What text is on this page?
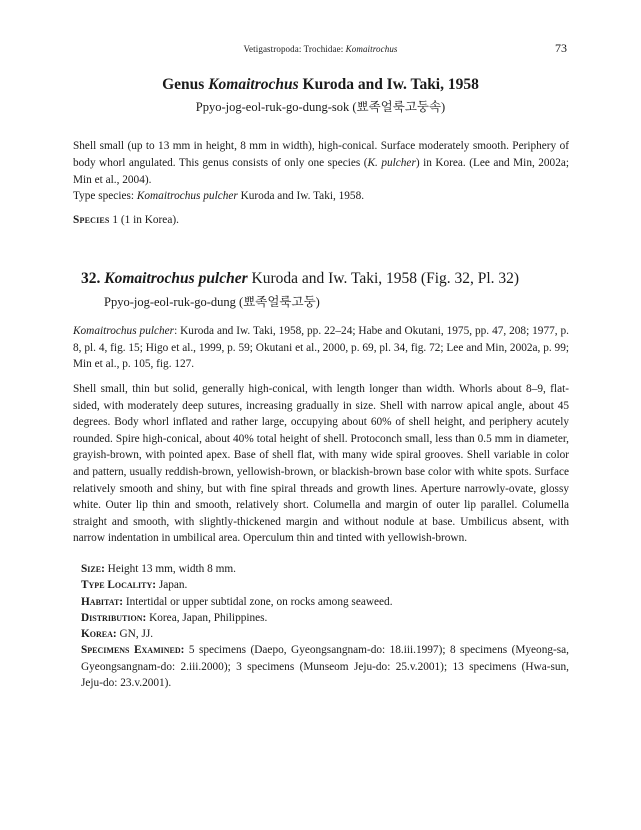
Vetigastropoda: Trochidae: Komaitrochus	73
Genus Komaitrochus Kuroda and Iw. Taki, 1958
Ppyo-jog-eol-ruk-go-dung-sok (뾰족얼룩고둥속)
Shell small (up to 13 mm in height, 8 mm in width), high-conical. Surface moderately smooth. Periphery of body whorl angulated. This genus consists of only one species (K. pulcher) in Korea. (Lee and Min, 2002a; Min et al., 2004).
Type species: Komaitrochus pulcher Kuroda and Iw. Taki, 1958.
Species 1 (1 in Korea).
32. Komaitrochus pulcher Kuroda and Iw. Taki, 1958 (Fig. 32, Pl. 32)
Ppyo-jog-eol-ruk-go-dung (뾰족얼룩고둥)
Komaitrochus pulcher: Kuroda and Iw. Taki, 1958, pp. 22–24; Habe and Okutani, 1975, pp. 47, 208; 1977, p. 8, pl. 4, fig. 15; Higo et al., 1999, p. 59; Okutani et al., 2000, p. 69, pl. 34, fig. 72; Lee and Min, 2002a, p. 99; Min et al., p. 105, fig. 127.
Shell small, thin but solid, generally high-conical, with length longer than width. Whorls about 8–9, flat-sided, with moderately deep sutures, increasing gradually in size. Shell with narrow apical angle, about 45 degrees. Body whorl inflated and rather large, occupying about 60% of shell height, and periphery acutely rounded. Spire high-conical, about 40% total height of shell. Protoconch small, less than 0.5 mm in diameter, grayish-brown, with pointed apex. Base of shell flat, with many wide spiral grooves. Shell variable in color and pattern, usually reddish-brown, yellowish-brown, or blackish-brown base color with white spots. Surface relatively smooth and shiny, but with fine spiral threads and growth lines. Aperture narrowly-ovate, glossy white. Outer lip thin and smooth, relatively short. Columella and margin of outer lip parallel. Columella straight and smooth, with slightly-thickened margin and without nodule at base. Umbilicus absent, with narrow indentation in umbilical area. Operculum thin and tinted with yellowish-brown.
Size: Height 13 mm, width 8 mm.
Type Locality: Japan.
Habitat: Intertidal or upper subtidal zone, on rocks among seaweed.
Distribution: Korea, Japan, Philippines.
Korea: GN, JJ.
Specimens Examined: 5 specimens (Daepo, Gyeongsangnam-do: 18.iii.1997); 8 specimens (Myeong-sa, Gyeongsangnam-do: 2.iii.2000); 3 specimens (Munseom Jeju-do: 25.v.2001); 13 specimens (Hwa-sun, Jeju-do: 23.v.2001).
